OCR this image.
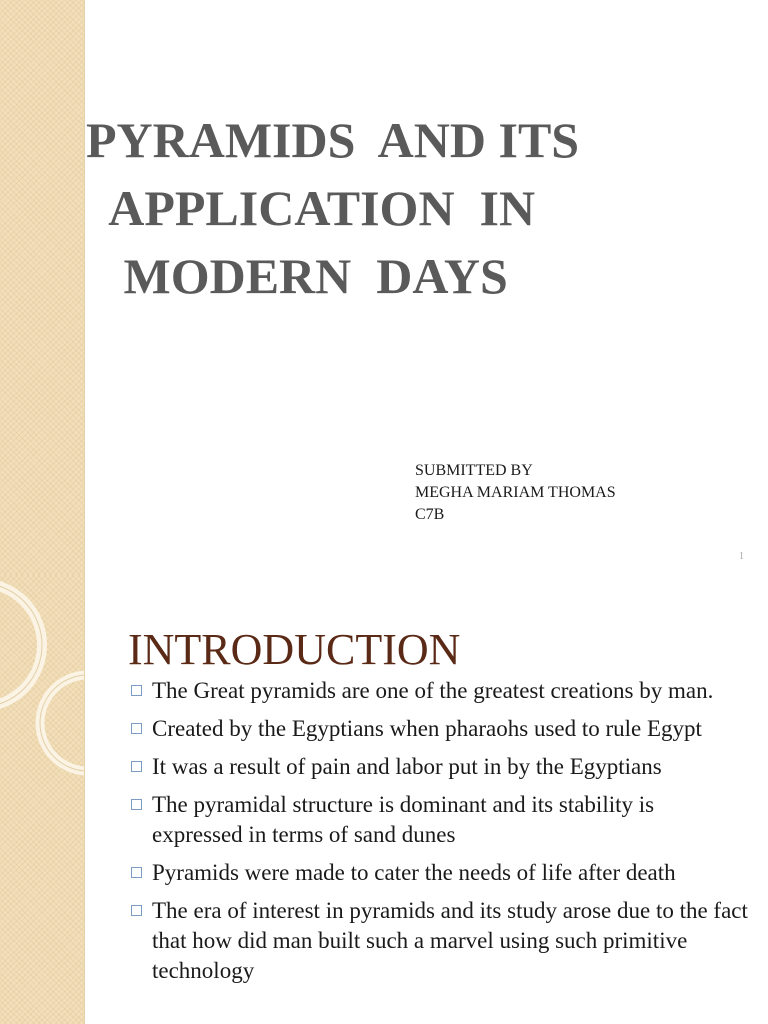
PYRAMIDS  AND ITS
APPLICATION  IN
MODERN  DAYS
SUBMITTED BY
MEGHA MARIAM THOMAS
C7B
1
INTRODUCTION
The Great pyramids are one of the greatest creations by man.
Created by the Egyptians when pharaohs used to rule Egypt
It was a result of pain and labor put in by the Egyptians
The pyramidal structure is dominant and its stability is expressed in terms of sand dunes
Pyramids were made to cater the needs of life after death
The era of interest in pyramids and its study arose due to the fact that how did man built such a marvel using such primitive technology
